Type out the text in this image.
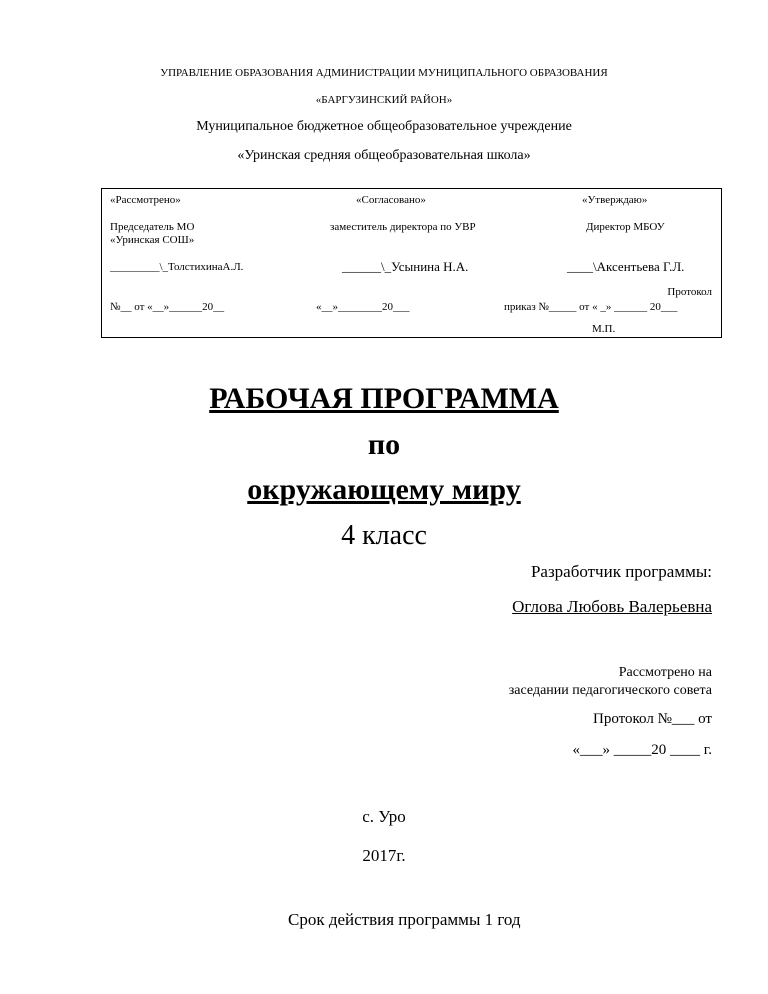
УПРАВЛЕНИЕ ОБРАЗОВАНИЯ АДМИНИСТРАЦИИ МУНИЦИПАЛЬНОГО ОБРАЗОВАНИЯ
«БАРГУЗИНСКИЙ РАЙОН»
Муниципальное бюджетное общеобразовательное учреждение
«Уринская средняя общеобразовательная школа»
«Рассмотрено»
Председатель МО
«Уринская СОШ»
_________\_ТолстихинаА.Л.
№__ от «__»______20__
«Согласовано»
заместитель директора по УВР
______\_Усынина Н.А.
«__»________20___
«Утверждаю»
Директор МБОУ
____\Аксентьева Г.Л.
Протокол
приказ №_____ от « _» ______ 20___
М.П.
РАБОЧАЯ ПРОГРАММА
по
окружающему миру
4 класс
Разработчик программы:
Оглова Любовь Валерьевна
Рассмотрено на
заседании педагогического совета
Протокол №___ от
«___» _____20 ____ г.
с. Уро
2017г.
Срок действия программы 1 год
